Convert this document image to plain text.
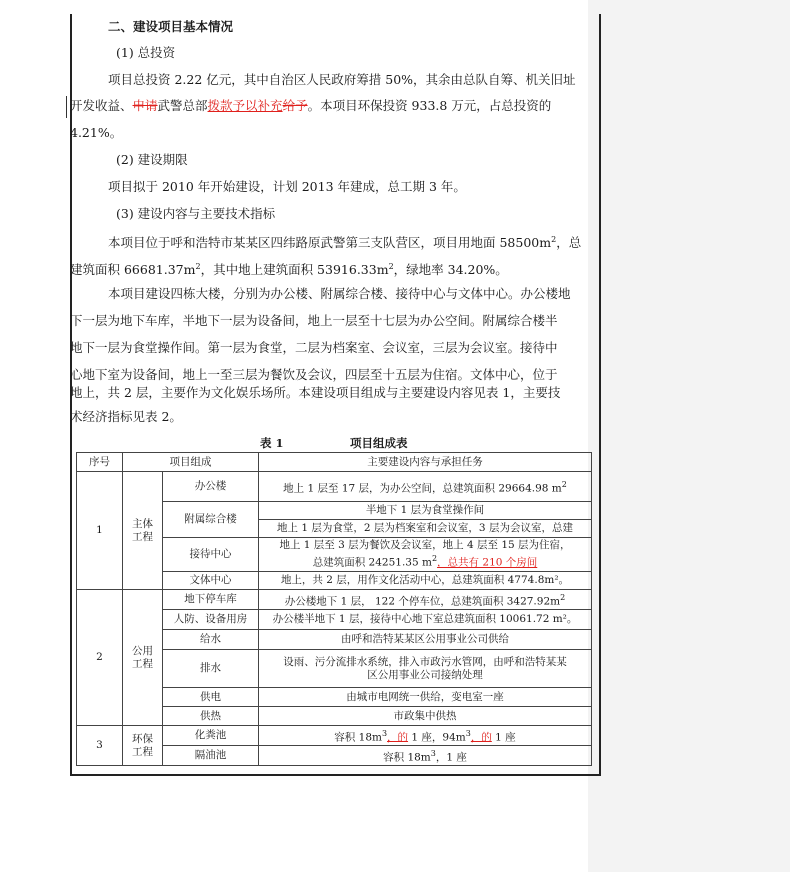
二、建设项目基本情况
(1) 总投资
项目总投资 2.22 亿元，其中自治区人民政府筹措 50%，其余由总队自筹、机关旧址
开发收益、申请武警总部拨款予以补充给予。本项目环保投资 933.8 万元，占总投资的
4.21%。
(2) 建设期限
项目拟于 2010 年开始建设，计划 2013 年建成，总工期 3 年。
(3) 建设内容与主要技术指标
本项目位于呼和浩特市某某区四纬路原武警第三支队营区，项目用地面 $58500m^2$，总
建筑面积 $66681.37m^2$，其中地上建筑面积 $53916.33m^2$，绿地率 34.20%。
本项目建设四栋大楼，分别为办公楼、附属综合楼、接待中心与文体中心。办公楼地
下一层为地下车库，半地下一层为设备间，地上一层至十七层为办公空间。附属综合楼半
地下一层为食堂操作间。第一层为食堂，二层为档案室、会议室，三层为会议室。接待中
心地下室为设备间，地上一至三层为餐饮及会议，四层至十五层为住宿。文体中心，位于
地上，共 2 层，主要作为文化娱乐场所。本建设项目组成与主要建设内容见表 1，主要技
术经济指标见表 2。
表 1	项目组成表
序号	项目组成		主要建设内容与承担任务
1	主体
工程	办公楼	地上 1 层至 17 层，为办公空间，总建筑面积 29664.98 $m^2$
		附属综合楼	半地下 1 层为食堂操作间
地上 1 层为食堂，2 层为档案室和会议室，3 层为会议室，总建

		接待中心	地上 1 层至 3 层为餐饮及会议室，地上 4 层至 15 层为住宿，
总建筑面积 24251.35 $m^2$，总共有 210 个房间
		文体中心	地上，共 2 层，用作文化活动中心，总建筑面积 4774.8m²。
2	公用
工程	地下停车库	办公楼地下 1 层， 122 个停车位，总建筑面积 $3427.92m^2$
		人防、设备用房	办公楼半地下 1 层，接待中心地下室总建筑面积 10061.72 m²。
		给水	由呼和浩特某某区公用事业公司供给
		排水	设雨、污分流排水系统，排入市政污水管网，由呼和浩特某某
区公用事业公司接纳处理
		供电	由城市电网统一供给，变电室一座
		供热	市政集中供热
3	环保
工程	化粪池	容积 $18m^3$，的 1 座，$94m^3$，的 1 座
		隔油池	容积 $18m^3$，1 座
